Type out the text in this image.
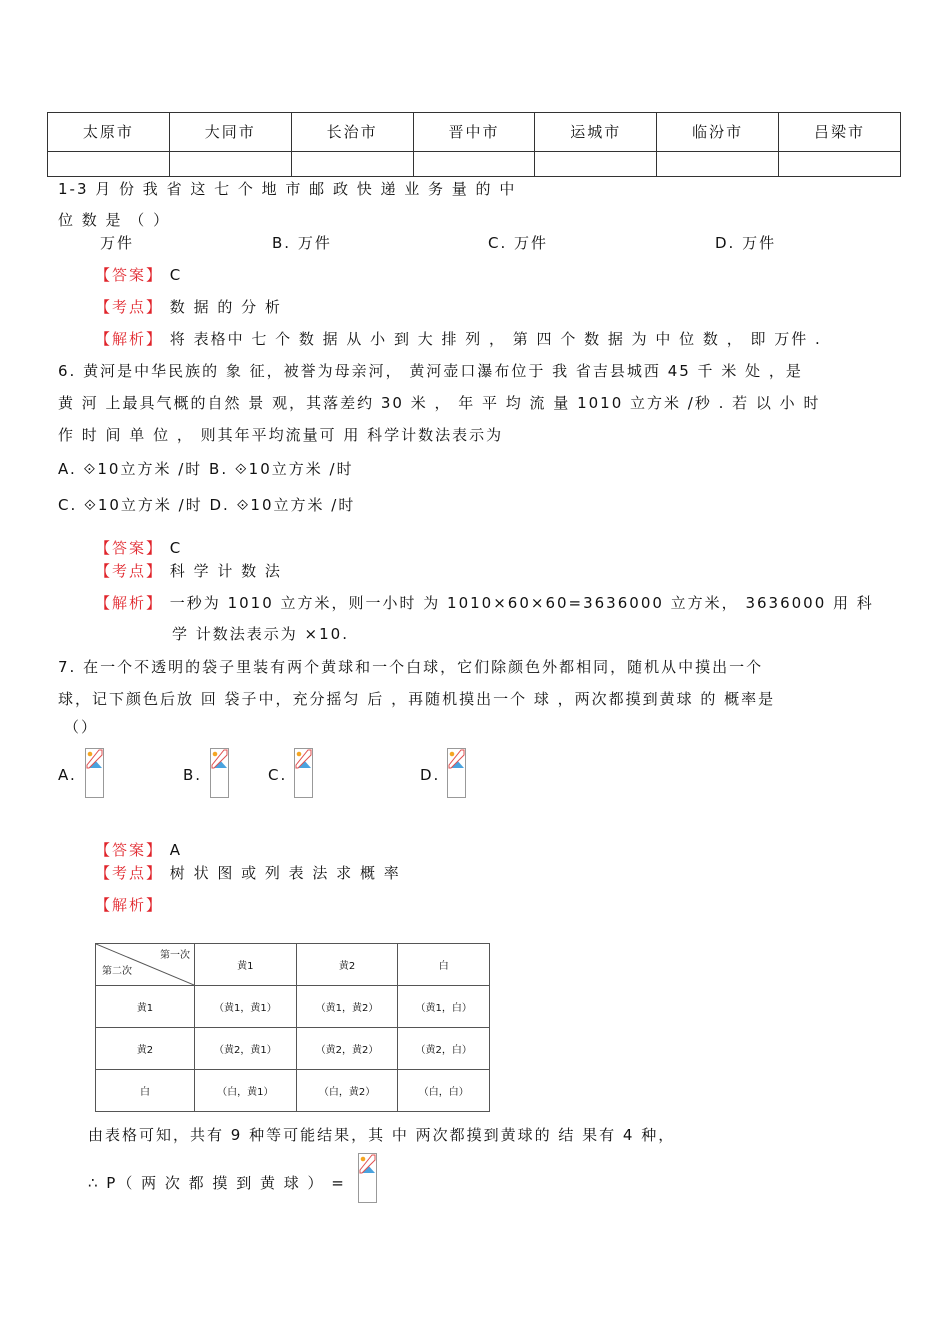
太原市	大同市	长治市	晋中市	运城市	临汾市	吕梁市

1-3 月 份 我 省 这 七 个 地 市 邮 政 快 递 业 务 量 的 中
位 数 是 （ ）
万件	B. 万件	C. 万件	D. 万件
【答案】 C
【考点】 数 据 的 分 析
【解析】 将 表格中 七 个 数 据 从 小 到 大 排 列 ， 第 四 个 数 据 为 中 位 数 ， 即 万件 .
6. 黄河是中华民族的 象 征，被誉为母亲河， 黄河壶口瀑布位于 我 省吉县城西 45 千 米 处 ，是
黄 河 上最具气概的自然 景 观，其落差约 30 米 ， 年 平 均 流 量 1010 立方米 /秒 . 若 以 小 时
作 时 间 单 位 ， 则其年平均流量可 用 科学计数法表示为
A. ⟐10立方米 /时 B. ⟐10立方米 /时
C. ⟐10立方米 /时 D. ⟐10立方米 /时
【答案】 C
【考点】 科 学 计 数 法
【解析】 一秒为 1010 立方米，则一小时 为 1010×60×60=3636000 立方米， 3636000 用 科
学 计数法表示为 ×10.
7. 在一个不透明的袋子里装有两个黄球和一个白球，它们除颜色外都相同，随机从中摸出一个
球，记下颜色后放 回 袋子中，充分摇匀 后 ，再随机摸出一个 球 ，两次都摸到黄球 的 概率是
（）
A.	B.	C.	D.
【答案】 A
【考点】 树 状 图 或 列 表 法 求 概 率
【解析】
第一次
第二次	黄1	黄2	白
黄1	（黄1，黄1）	（黄1，黄2）	（黄1，白）
黄2	（黄2，黄1）	（黄2，黄2）	（黄2，白）
白	（白，黄1）	（白，黄2）	（白，白）
由表格可知，共有 9 种等可能结果，其 中 两次都摸到黄球的 结 果有 4 种，
∴ P（ 两 次 都 摸 到 黄 球 ） =
